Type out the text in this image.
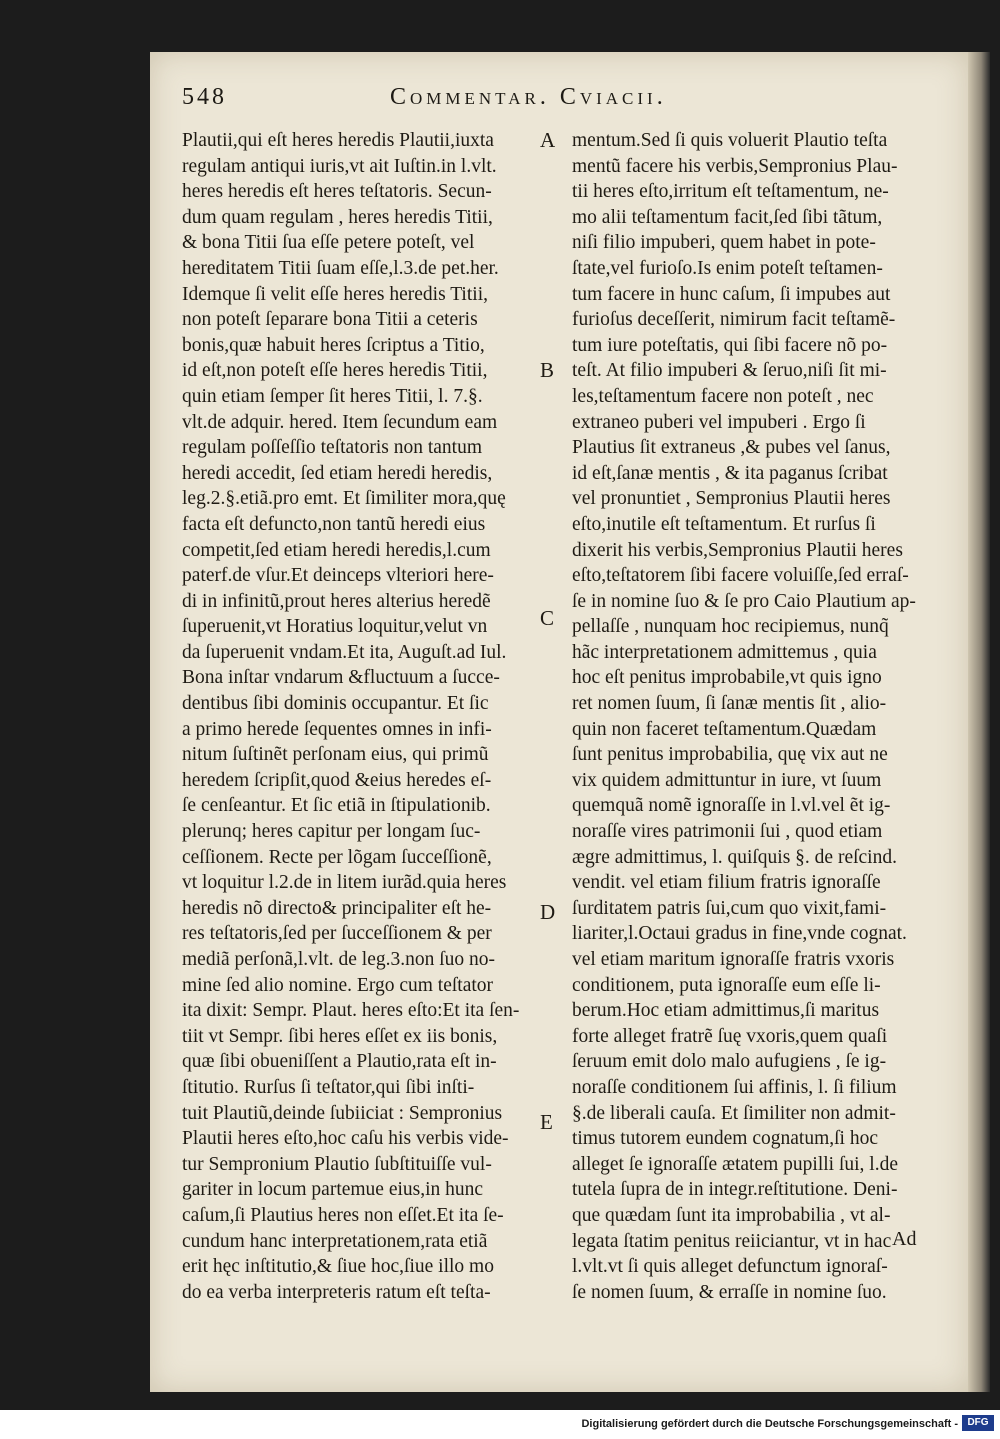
548	Commentar. Cviacii.
Plautii,qui eſt heres heredis Plautii,iuxta
regulam antiqui iuris,vt ait Iuſtin.in l.vlt.
heres heredis eſt heres teſtatoris. Secun-
dum quam regulam , heres heredis Titii,
& bona Titii ſua eſſe petere poteſt, vel
hereditatem Titii ſuam eſſe,l.3.de pet.her.
Idemque ſi velit eſſe heres heredis Titii,
non poteſt ſeparare bona Titii a ceteris
bonis,quæ habuit heres ſcriptus a Titio,
id eſt,non poteſt eſſe heres heredis Titii,
quin etiam ſemper ſit heres Titii, l. 7.§.
vlt.de adquir. hered. Item ſecundum eam
regulam poſſeſſio teſtatoris non tantum
heredi accedit, ſed etiam heredi heredis,
leg.2.§.etiã.pro emt. Et ſimiliter mora,quę
facta eſt defuncto,non tantũ heredi eius
competit,ſed etiam heredi heredis,l.cum
paterf.de vſur.Et deinceps vlteriori here-
di in infinitũ,prout heres alterius heredẽ
ſuperuenit,vt Horatius loquitur,velut vn
da ſuperuenit vndam.Et ita, Auguſt.ad Iul.
Bona inſtar vndarum &fluctuum a ſucce-
dentibus ſibi dominis occupantur. Et ſic
a primo herede ſequentes omnes in infi-
nitum ſuſtinẽt perſonam eius, qui primũ
heredem ſcripſit,quod &eius heredes eſ-
ſe cenſeantur. Et ſic etiã in ſtipulationib.
plerunq; heres capitur per longam ſuc-
ceſſionem. Recte per lõgam ſucceſſionẽ,
vt loquitur l.2.de in litem iurãd.quia heres
heredis nõ directo& principaliter eſt he-
res teſtatoris,ſed per ſucceſſionem & per
mediã perſonã,l.vlt. de leg.3.non ſuo no-
mine ſed alio nomine. Ergo cum teſtator
ita dixit: Sempr. Plaut. heres eſto:Et ita ſen-
tiit vt Sempr. ſibi heres eſſet ex iis bonis,
quæ ſibi obueniſſent a Plautio,rata eſt in-
ſtitutio. Rurſus ſi teſtator,qui ſibi inſti-
tuit Plautiũ,deinde ſubiiciat : Sempronius
Plautii heres eſto,hoc caſu his verbis vide-
tur Sempronium Plautio ſubſtituiſſe vul-
gariter in locum partemue eius,in hunc
caſum,ſi Plautius heres non eſſet.Et ita ſe-
cundum hanc interpretationem,rata etiã
erit hęc inſtitutio,& ſiue hoc,ſiue illo mo
do ea verba interpreteris ratum eſt teſta-
mentum.Sed ſi quis voluerit Plautio teſta
mentũ facere his verbis,Sempronius Plau-
tii heres eſto,irritum eſt teſtamentum, ne-
mo alii teſtamentum facit,ſed ſibi tãtum,
niſi filio impuberi, quem habet in pote-
ſtate,vel furioſo.Is enim poteſt teſtamen-
tum facere in hunc caſum, ſi impubes aut
furioſus deceſſerit, nimirum facit teſtamẽ-
tum iure poteſtatis, qui ſibi facere nõ po-
teſt. At filio impuberi & ſeruo,niſi ſit mi-
les,teſtamentum facere non poteſt , nec
extraneo puberi vel impuberi . Ergo ſi
Plautius ſit extraneus ,& pubes vel ſanus,
id eſt,ſanæ mentis , & ita paganus ſcribat
vel pronuntiet , Sempronius Plautii heres
eſto,inutile eſt teſtamentum. Et rurſus ſi
dixerit his verbis,Sempronius Plautii heres
eſto,teſtatorem ſibi facere voluiſſe,ſed erraſ-
ſe in nomine ſuo & ſe pro Caio Plautium ap-
pellaſſe , nunquam hoc recipiemus, nunq̃
hãc interpretationem admittemus , quia
hoc eſt penitus improbabile,vt quis igno
ret nomen ſuum, ſi ſanæ mentis ſit , alio-
quin non faceret teſtamentum.Quædam
ſunt penitus improbabilia, quę vix aut ne
vix quidem admittuntur in iure, vt ſuum
quemquã nomẽ ignoraſſe in l.vl.vel ẽt ig-
noraſſe vires patrimonii ſui , quod etiam
ægre admittimus, l. quiſquis §. de reſcind.
vendit. vel etiam filium fratris ignoraſſe
ſurditatem patris ſui,cum quo vixit,fami-
liariter,l.Octaui gradus in fine,vnde cognat.
vel etiam maritum ignoraſſe fratris vxoris
conditionem, puta ignoraſſe eum eſſe li-
berum.Hoc etiam admittimus,ſi maritus
forte alleget fratrẽ ſuę vxoris,quem quaſi
ſeruum emit dolo malo aufugiens , ſe ig-
noraſſe conditionem ſui affinis, l. ſi filium
§.de liberali cauſa. Et ſimiliter non admit-
timus tutorem eundem cognatum,ſi hoc
alleget ſe ignoraſſe ætatem pupilli ſui, l.de
tutela ſupra de in integr.reſtitutione. Deni-
que quædam ſunt ita improbabilia , vt al-
legata ſtatim penitus reiiciantur, vt in hac
l.vlt.vt ſi quis alleget defunctum ignoraſ-
ſe nomen ſuum, & erraſſe in nomine ſuo.
A
B
C
D
E
Ad
Digitalisierung gefördert durch die Deutsche Forschungsgemeinschaft - DFG
